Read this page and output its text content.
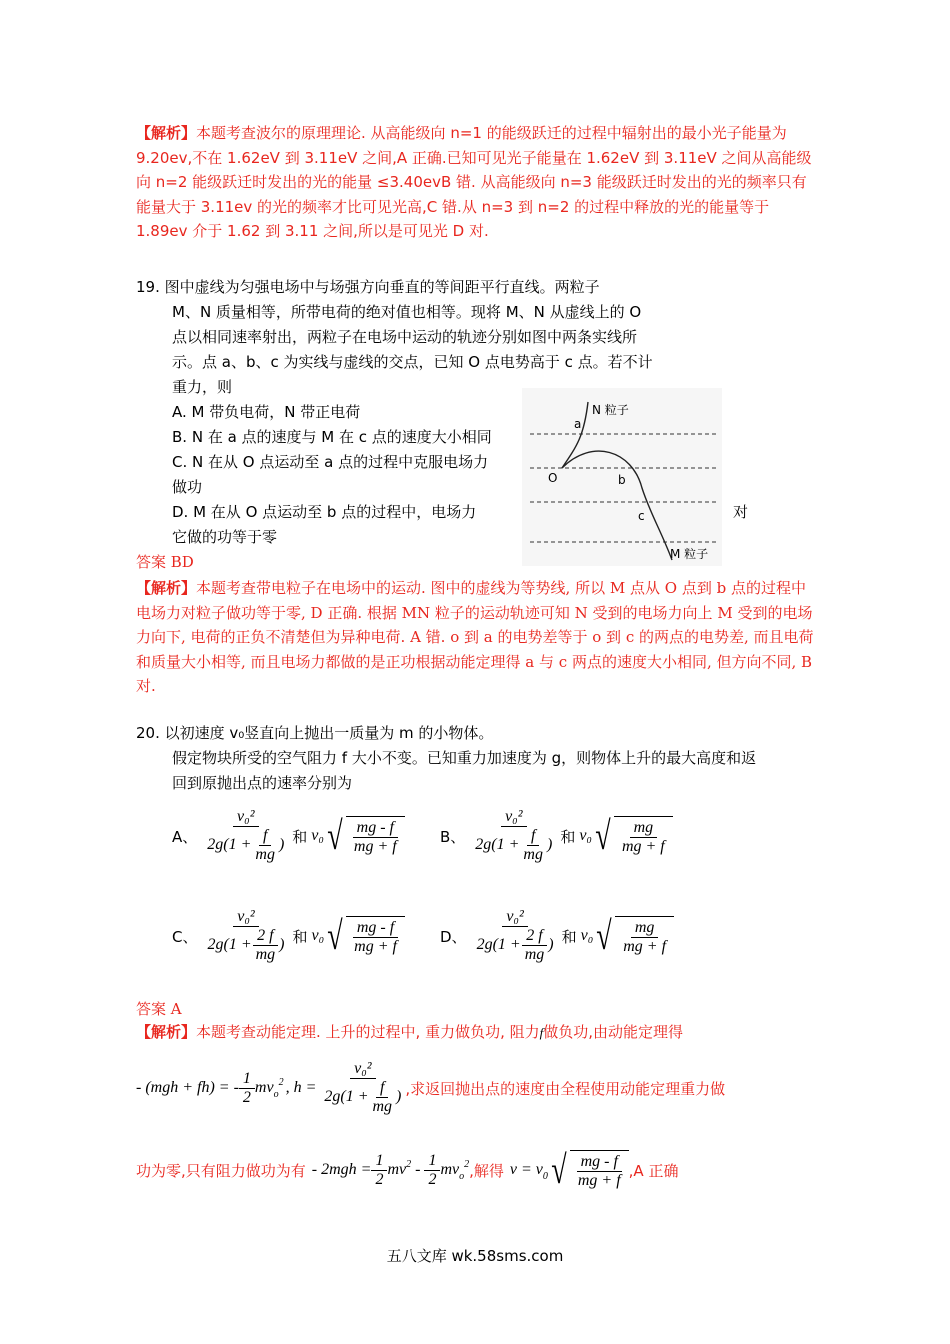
【解析】本题考查波尔的原理理论. 从高能级向 n=1 的能级跃迁的过程中辐射出的最小光子能量为 9.20ev,不在 1.62eV 到 3.11eV 之间,A 正确.已知可见光子能量在 1.62eV 到 3.11eV 之间从高能级向 n=2 能级跃迁时发出的光的能量 ≤3.40evB 错. 从高能级向 n=3 能级跃迁时发出的光的频率只有能量大于 3.11ev 的光的频率才比可见光高,C 错.从 n=3 到 n=2 的过程中释放的光的能量等于 1.89ev 介于 1.62 到 3.11 之间,所以是可见光 D 对.
19. 图中虚线为匀强电场中与场强方向垂直的等间距平行直线。两粒子
M、N 质量相等，所带电荷的绝对值也相等。现将 M、N 从虚线上的 O
点以相同速率射出，两粒子在电场中运动的轨迹分别如图中两条实线所
示。点 a、b、c 为实线与虚线的交点，已知 O 点电势高于 c 点。若不计
重力，则
A. M 带负电荷，N 带正电荷
B. N 在 a 点的速度与 M 在 c 点的速度大小相同
C. N 在从 O 点运动至 a 点的过程中克服电场力
做功
D. M 在从 O 点运动至 b 点的过程中，电场力	对
它做的功等于零
O
a
b
c
N 粒子
M 粒子
答案 BD
【解析】本题考查带电粒子在电场中的运动. 图中的虚线为等势线, 所以 M 点从 O 点到 b 点的过程中电场力对粒子做功等于零, D 正确. 根据 MN 粒子的运动轨迹可知 N 受到的电场力向上 M 受到的电场力向下, 电荷的正负不清楚但为异种电荷. A 错. o 到 a 的电势差等于 o 到 c 的两点的电势差, 而且电荷和质量大小相等, 而且电场力都做的是正功根据动能定理得 a 与 c 两点的速度大小相同, 但方向不同, B 对.
20. 以初速度 v₀竖直向上抛出一质量为 m 的小物体。
假定物块所受的空气阻力 f 大小不变。已知重力加速度为 g，则物体上升的最大高度和返
回到原抛出点的速率分别为
A、 $\frac{\text{v₀²}}{2g(1 + \frac{f}{mg} )}$ 和 v₀ √ $\frac{mg - f}{mg + f}$ B、 $\frac{\text{v₀²}}{2g(1 + \frac{f}{mg} )}$ 和 v₀ √ $\frac{mg}{mg + f}$
C、 $\frac{\text{v₀²}}{2g(1 + \frac{2 f}{mg} )}$ 和 v₀ √ $\frac{mg - f}{mg + f}$ D、 $\frac{\text{v₀²}}{2g(1 + \frac{2 f}{mg} )}$ 和 v₀ √ $\frac{mg}{mg + f}$
答案 A
【解析】本题考查动能定理. 上升的过程中, 重力做负功, 阻力f做负功,由动能定理得
- (mgh + fh) = - $\frac{1}{2}$ mv o
2 , $h = \frac{\text{v₀²}}{2g(1 + \frac{f}{mg} )}$ ,求返回抛出点的速度由全程使用动能定理重力做
功为零,只有阻力做功为有 - $2mgh = \frac{1}{2}$ mv $2 - \frac{1}{2}$ mv o
2 ,解得 v = v 0 √ $\frac{mg - f}{mg + f} ,A$ 正确
五八文库 wk.58sms.com
